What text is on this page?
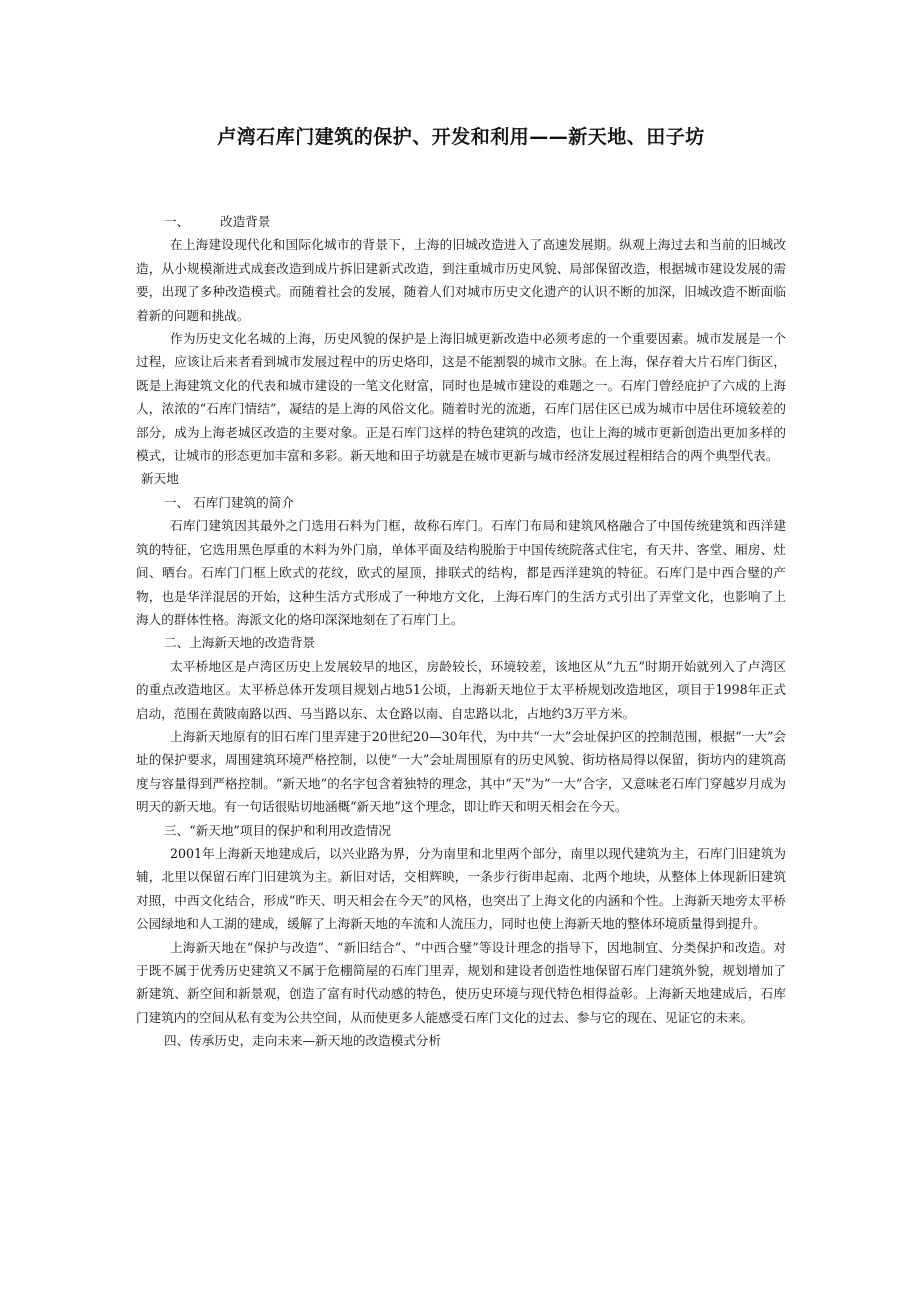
卢湾石库门建筑的保护、开发和利用——新天地、田子坊

一、 改造背景

在上海建设现代化和国际化城市的背景下，上海的旧城改造进入了高速发展期。纵观上海过去和当前的旧城改造，从小规模渐进式成套改造到成片拆旧建新式改造，到注重城市历史风貌、局部保留改造，根据城市建设发展的需要，出现了多种改造模式。而随着社会的发展，随着人们对城市历史文化遗产的认识不断的加深，旧城改造不断面临着新的问题和挑战。

作为历史文化名城的上海，历史风貌的保护是上海旧城更新改造中必须考虑的一个重要因素。城市发展是一个过程，应该让后来者看到城市发展过程中的历史烙印，这是不能割裂的城市文脉。在上海，保存着大片石库门街区，既是上海建筑文化的代表和城市建设的一笔文化财富，同时也是城市建设的难题之一。石库门曾经庇护了六成的上海人，浓浓的“石库门情结”，凝结的是上海的风俗文化。随着时光的流逝，石库门居住区已成为城市中居住环境较差的部分，成为上海老城区改造的主要对象。正是石库门这样的特色建筑的改造，也让上海的城市更新创造出更加多样的模式，让城市的形态更加丰富和多彩。新天地和田子坊就是在城市更新与城市经济发展过程相结合的两个典型代表。

新天地

一、 石库门建筑的简介

石库门建筑因其最外之门选用石料为门框，故称石库门。石库门布局和建筑风格融合了中国传统建筑和西洋建筑的特征，它选用黑色厚重的木料为外门扇，单体平面及结构脱胎于中国传统院落式住宅，有天井、客堂、厢房、灶间、晒台。石库门门框上欧式的花纹，欧式的屋顶，排联式的结构，都是西洋建筑的特征。石库门是中西合璧的产物，也是华洋混居的开始，这种生活方式形成了一种地方文化，上海石库门的生活方式引出了弄堂文化，也影响了上海人的群体性格。海派文化的烙印深深地刻在了石库门上。

二、上海新天地的改造背景

太平桥地区是卢湾区历史上发展较早的地区，房龄较长，环境较差，该地区从“九五”时期开始就列入了卢湾区的重点改造地区。太平桥总体开发项目规划占地51公顷，上海新天地位于太平桥规划改造地区，项目于1998年正式启动，范围在黄陂南路以西、马当路以东、太仓路以南、自忠路以北，占地约3万平方米。

上海新天地原有的旧石库门里弄建于20世纪20—30年代，为中共“一大”会址保护区的控制范围，根据“一大”会址的保护要求，周围建筑环境严格控制，以使“一大”会址周围原有的历史风貌、街坊格局得以保留，街坊内的建筑高度与容量得到严格控制。“新天地”的名字包含着独特的理念，其中“天”为“一大”合字，又意味老石库门穿越岁月成为明天的新天地。有一句话很贴切地涵概“新天地”这个理念，即让昨天和明天相会在今天。

三、“新天地”项目的保护和利用改造情况

2001年上海新天地建成后，以兴业路为界，分为南里和北里两个部分，南里以现代建筑为主，石库门旧建筑为辅，北里以保留石库门旧建筑为主。新旧对话，交相辉映，一条步行街串起南、北两个地块，从整体上体现新旧建筑对照，中西文化结合，形成“昨天、明天相会在今天”的风格，也突出了上海文化的内涵和个性。上海新天地旁太平桥公园绿地和人工湖的建成，缓解了上海新天地的车流和人流压力，同时也使上海新天地的整体环境质量得到提升。

上海新天地在“保护与改造”、“新旧结合”、“中西合璧”等设计理念的指导下，因地制宜、分类保护和改造。对于既不属于优秀历史建筑又不属于危棚简屋的石库门里弄，规划和建设者创造性地保留石库门建筑外貌，规划增加了新建筑、新空间和新景观，创造了富有时代动感的特色，使历史环境与现代特色相得益彰。上海新天地建成后，石库门建筑内的空间从私有变为公共空间，从而使更多人能感受石库门文化的过去、参与它的现在、见证它的未来。

四、传承历史，走向未来—新天地的改造模式分析
